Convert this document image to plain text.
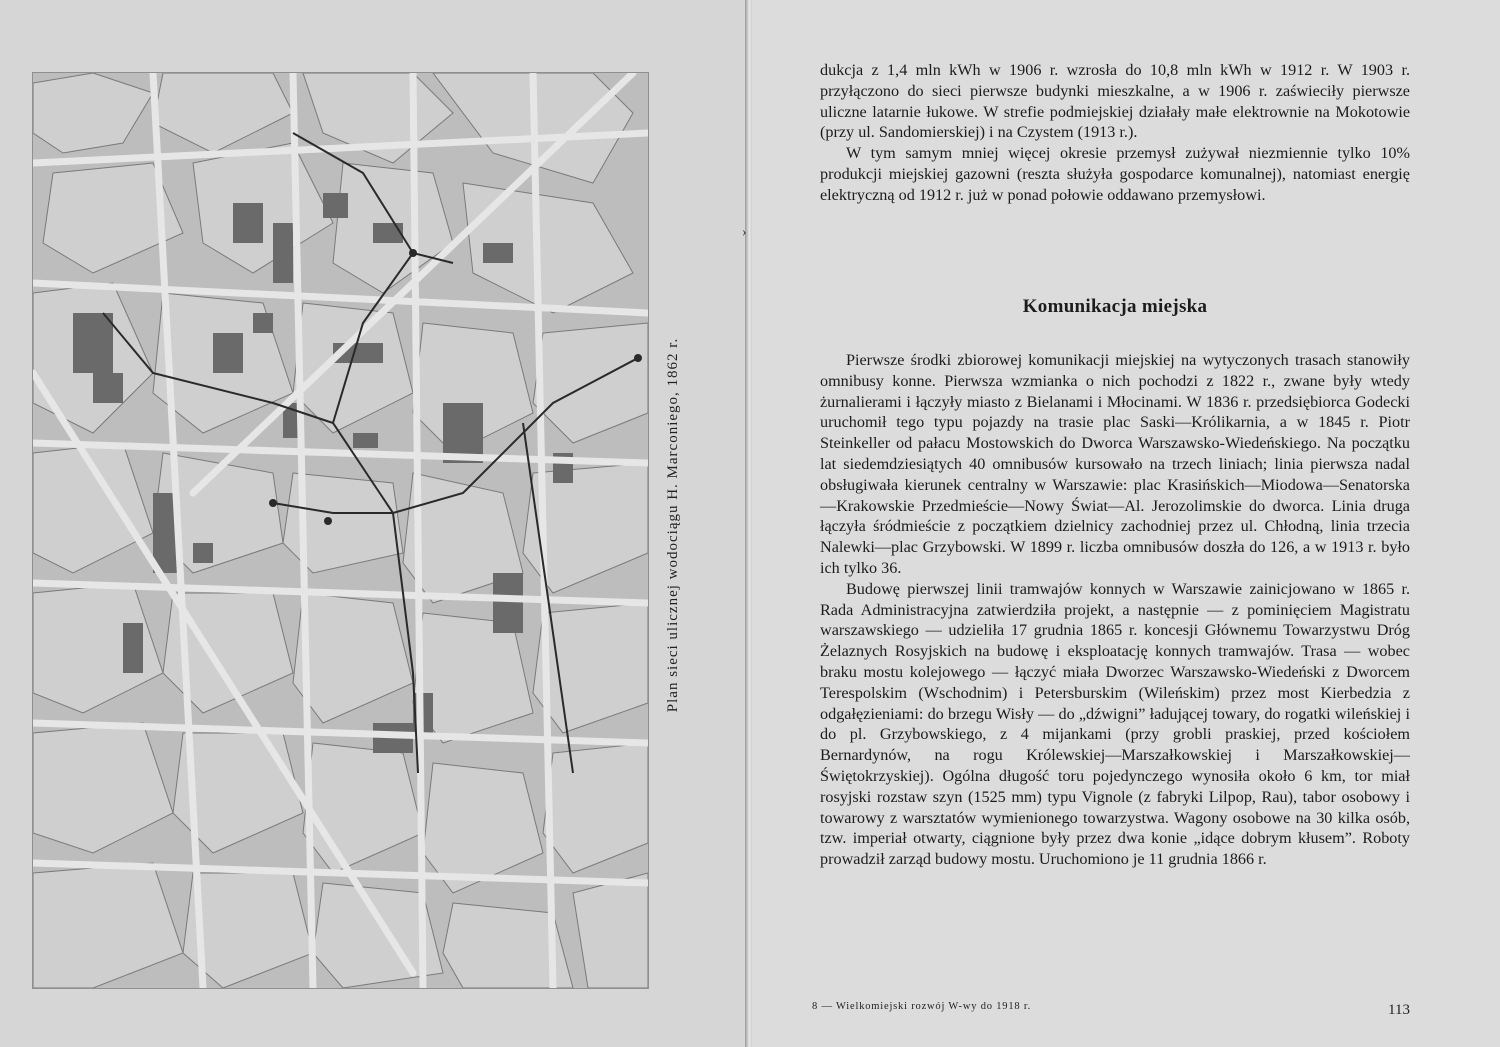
Plan sieci ulicznej wodociągu H. Marconiego, 1862 r.
›

dukcja z 1,4 mln kWh w 1906 r. wzrosła do 10,8 mln kWh w 1912 r. W 1903 r. przyłączono do sieci pierwsze budynki mieszkalne, a w 1906 r. zaświeciły pierwsze uliczne latarnie łukowe. W strefie podmiejskiej działały małe elektrownie na Mokotowie (przy ul. Sandomierskiej) i na Czystem (1913 r.).

W tym samym mniej więcej okresie przemysł zużywał niezmiennie tylko 10% produkcji miejskiej gazowni (reszta służyła gospodarce komunalnej), natomiast energię elektryczną od 1912 r. już w ponad połowie oddawano przemysłowi.

Komunikacja miejska

Pierwsze środki zbiorowej komunikacji miejskiej na wytyczonych trasach stanowiły omnibusy konne. Pierwsza wzmianka o nich pochodzi z 1822 r., zwane były wtedy żurnalierami i łączyły miasto z Bielanami i Młocinami. W 1836 r. przedsiębiorca Godecki uruchomił tego typu pojazdy na trasie plac Saski—Królikarnia, a w 1845 r. Piotr Steinkeller od pałacu Mostowskich do Dworca Warszawsko-Wiedeńskiego. Na początku lat siedemdziesiątych 40 omnibusów kursowało na trzech liniach; linia pierwsza nadal obsługiwała kierunek centralny w Warszawie: plac Krasińskich—Miodowa—Senatorska—Krakowskie Przedmieście—Nowy Świat—Al. Jerozolimskie do dworca. Linia druga łączyła śródmieście z początkiem dzielnicy zachodniej przez ul. Chłodną, linia trzecia Nalewki—plac Grzybowski. W 1899 r. liczba omnibusów doszła do 126, a w 1913 r. było ich tylko 36.

Budowę pierwszej linii tramwajów konnych w Warszawie zainicjowano w 1865 r. Rada Administracyjna zatwierdziła projekt, a następnie — z pominięciem Magistratu warszawskiego — udzieliła 17 grudnia 1865 r. koncesji Głównemu Towarzystwu Dróg Żelaznych Rosyjskich na budowę i eksploatację konnych tramwajów. Trasa — wobec braku mostu kolejowego — łączyć miała Dworzec Warszawsko-Wiedeński z Dworcem Terespolskim (Wschodnim) i Petersburskim (Wileńskim) przez most Kierbedzia z odgałęzieniami: do brzegu Wisły — do „dźwigni” ładującej towary, do rogatki wileńskiej i do pl. Grzybowskiego, z 4 mijankami (przy grobli praskiej, przed kościołem Bernardynów, na rogu Królewskiej—Marszałkowskiej i Marszałkowskiej—Świętokrzyskiej). Ogólna długość toru pojedynczego wynosiła około 6 km, tor miał rosyjski rozstaw szyn (1525 mm) typu Vignole (z fabryki Lilpop, Rau), tabor osobowy i towarowy z warsztatów wymienionego towarzystwa. Wagony osobowe na 30 kilka osób, tzw. imperiał otwarty, ciągnione były przez dwa konie „idące dobrym kłusem”. Roboty prowadził zarząd budowy mostu. Uruchomiono je 11 grudnia 1866 r.

8 — Wielkomiejski rozwój W-wy do 1918 r.	113
